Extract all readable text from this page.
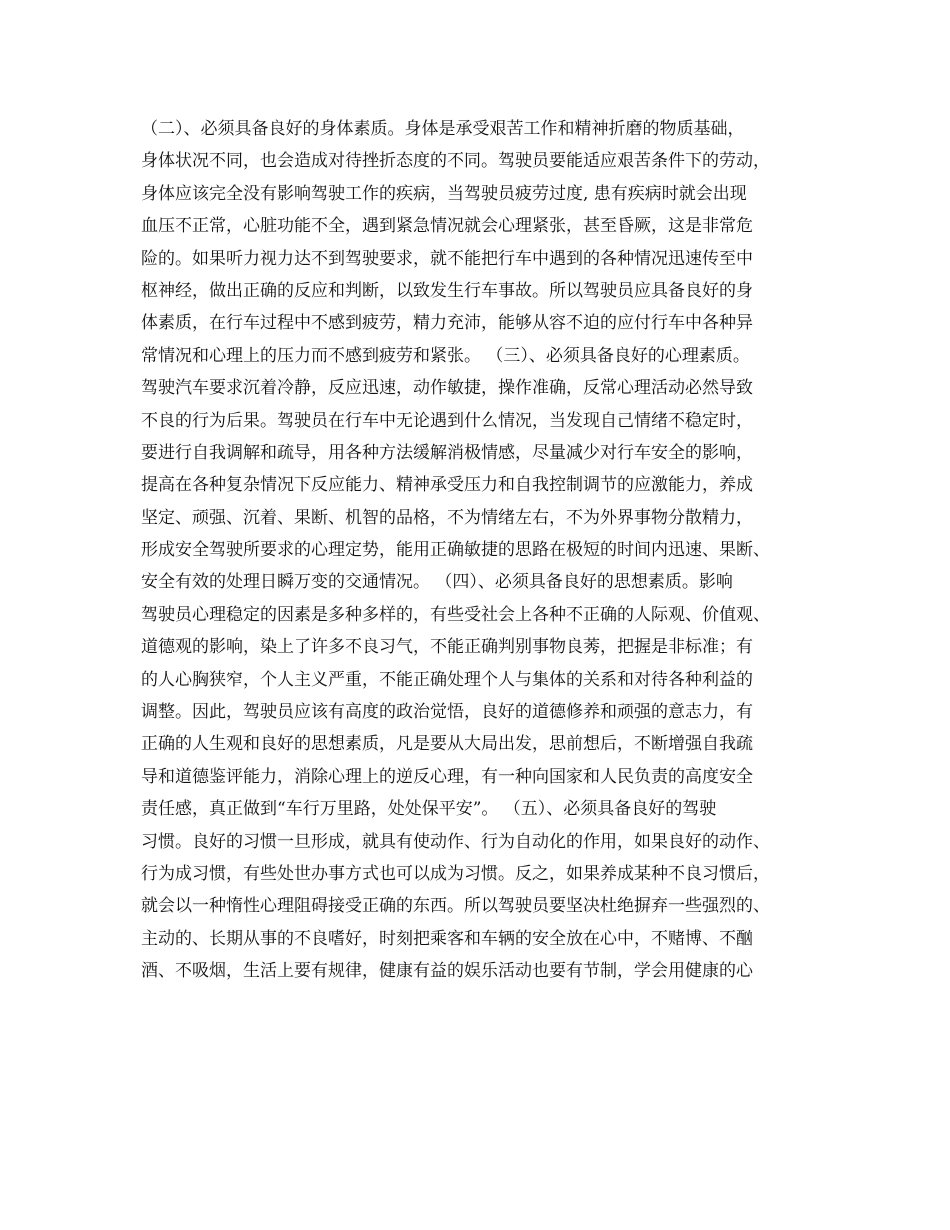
（二）、必须具备良好的身体素质。身体是承受艰苦工作和精神折磨的物质基础，
身体状况不同，也会造成对待挫折态度的不同。驾驶员要能适应艰苦条件下的劳动，
身体应该完全没有影响驾驶工作的疾病，当驾驶员疲劳过度, 患有疾病时就会出现
血压不正常，心脏功能不全，遇到紧急情况就会心理紧张，甚至昏厥，这是非常危
险的。如果听力视力达不到驾驶要求，就不能把行车中遇到的各种情况迅速传至中
枢神经，做出正确的反应和判断，以致发生行车事故。所以驾驶员应具备良好的身
体素质，在行车过程中不感到疲劳，精力充沛，能够从容不迫的应付行车中各种异
常情况和心理上的压力而不感到疲劳和紧张。 （三）、必须具备良好的心理素质。
驾驶汽车要求沉着冷静，反应迅速，动作敏捷，操作准确，反常心理活动必然导致
不良的行为后果。驾驶员在行车中无论遇到什么情况，当发现自己情绪不稳定时，
要进行自我调解和疏导，用各种方法缓解消极情感，尽量减少对行车安全的影响，
提高在各种复杂情况下反应能力、精神承受压力和自我控制调节的应激能力，养成
坚定、顽强、沉着、果断、机智的品格，不为情绪左右，不为外界事物分散精力，
形成安全驾驶所要求的心理定势，能用正确敏捷的思路在极短的时间内迅速、果断、
安全有效的处理日瞬万变的交通情况。 （四）、必须具备良好的思想素质。影响
驾驶员心理稳定的因素是多种多样的，有些受社会上各种不正确的人际观、价值观、
道德观的影响，染上了许多不良习气，不能正确判别事物良莠，把握是非标准；有
的人心胸狭窄，个人主义严重，不能正确处理个人与集体的关系和对待各种利益的
调整。因此，驾驶员应该有高度的政治觉悟，良好的道德修养和顽强的意志力，有
正确的人生观和良好的思想素质，凡是要从大局出发，思前想后，不断增强自我疏
导和道德鉴评能力，消除心理上的逆反心理，有一种向国家和人民负责的高度安全
责任感，真正做到“车行万里路，处处保平安”。 （五）、必须具备良好的驾驶
习惯。良好的习惯一旦形成，就具有使动作、行为自动化的作用，如果良好的动作、
行为成习惯，有些处世办事方式也可以成为习惯。反之，如果养成某种不良习惯后，
就会以一种惰性心理阻碍接受正确的东西。所以驾驶员要坚决杜绝摒弃一些强烈的、
主动的、长期从事的不良嗜好，时刻把乘客和车辆的安全放在心中，不赌博、不酗
酒、不吸烟，生活上要有规律，健康有益的娱乐活动也要有节制，学会用健康的心
